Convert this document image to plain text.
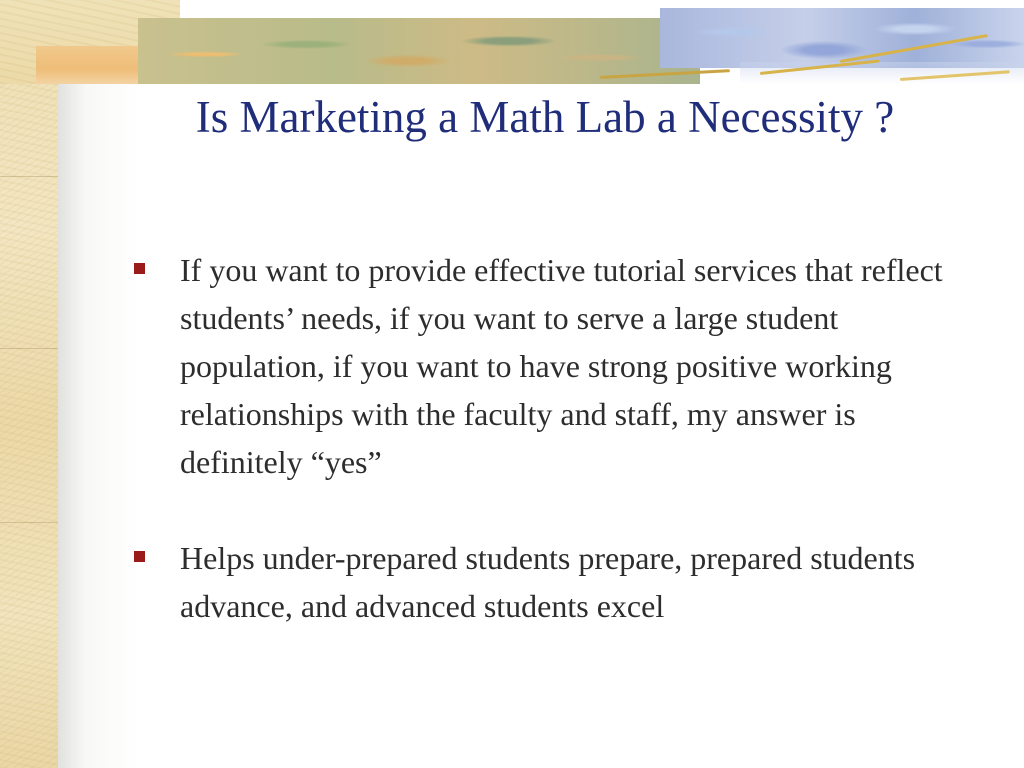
Is Marketing a Math Lab a Necessity ?
If you want to provide effective tutorial services that reflect students’ needs, if you want to serve a large student population, if you want to have strong positive working relationships with the faculty and staff, my answer is definitely “yes”
Helps under-prepared students prepare, prepared students advance, and advanced students excel
